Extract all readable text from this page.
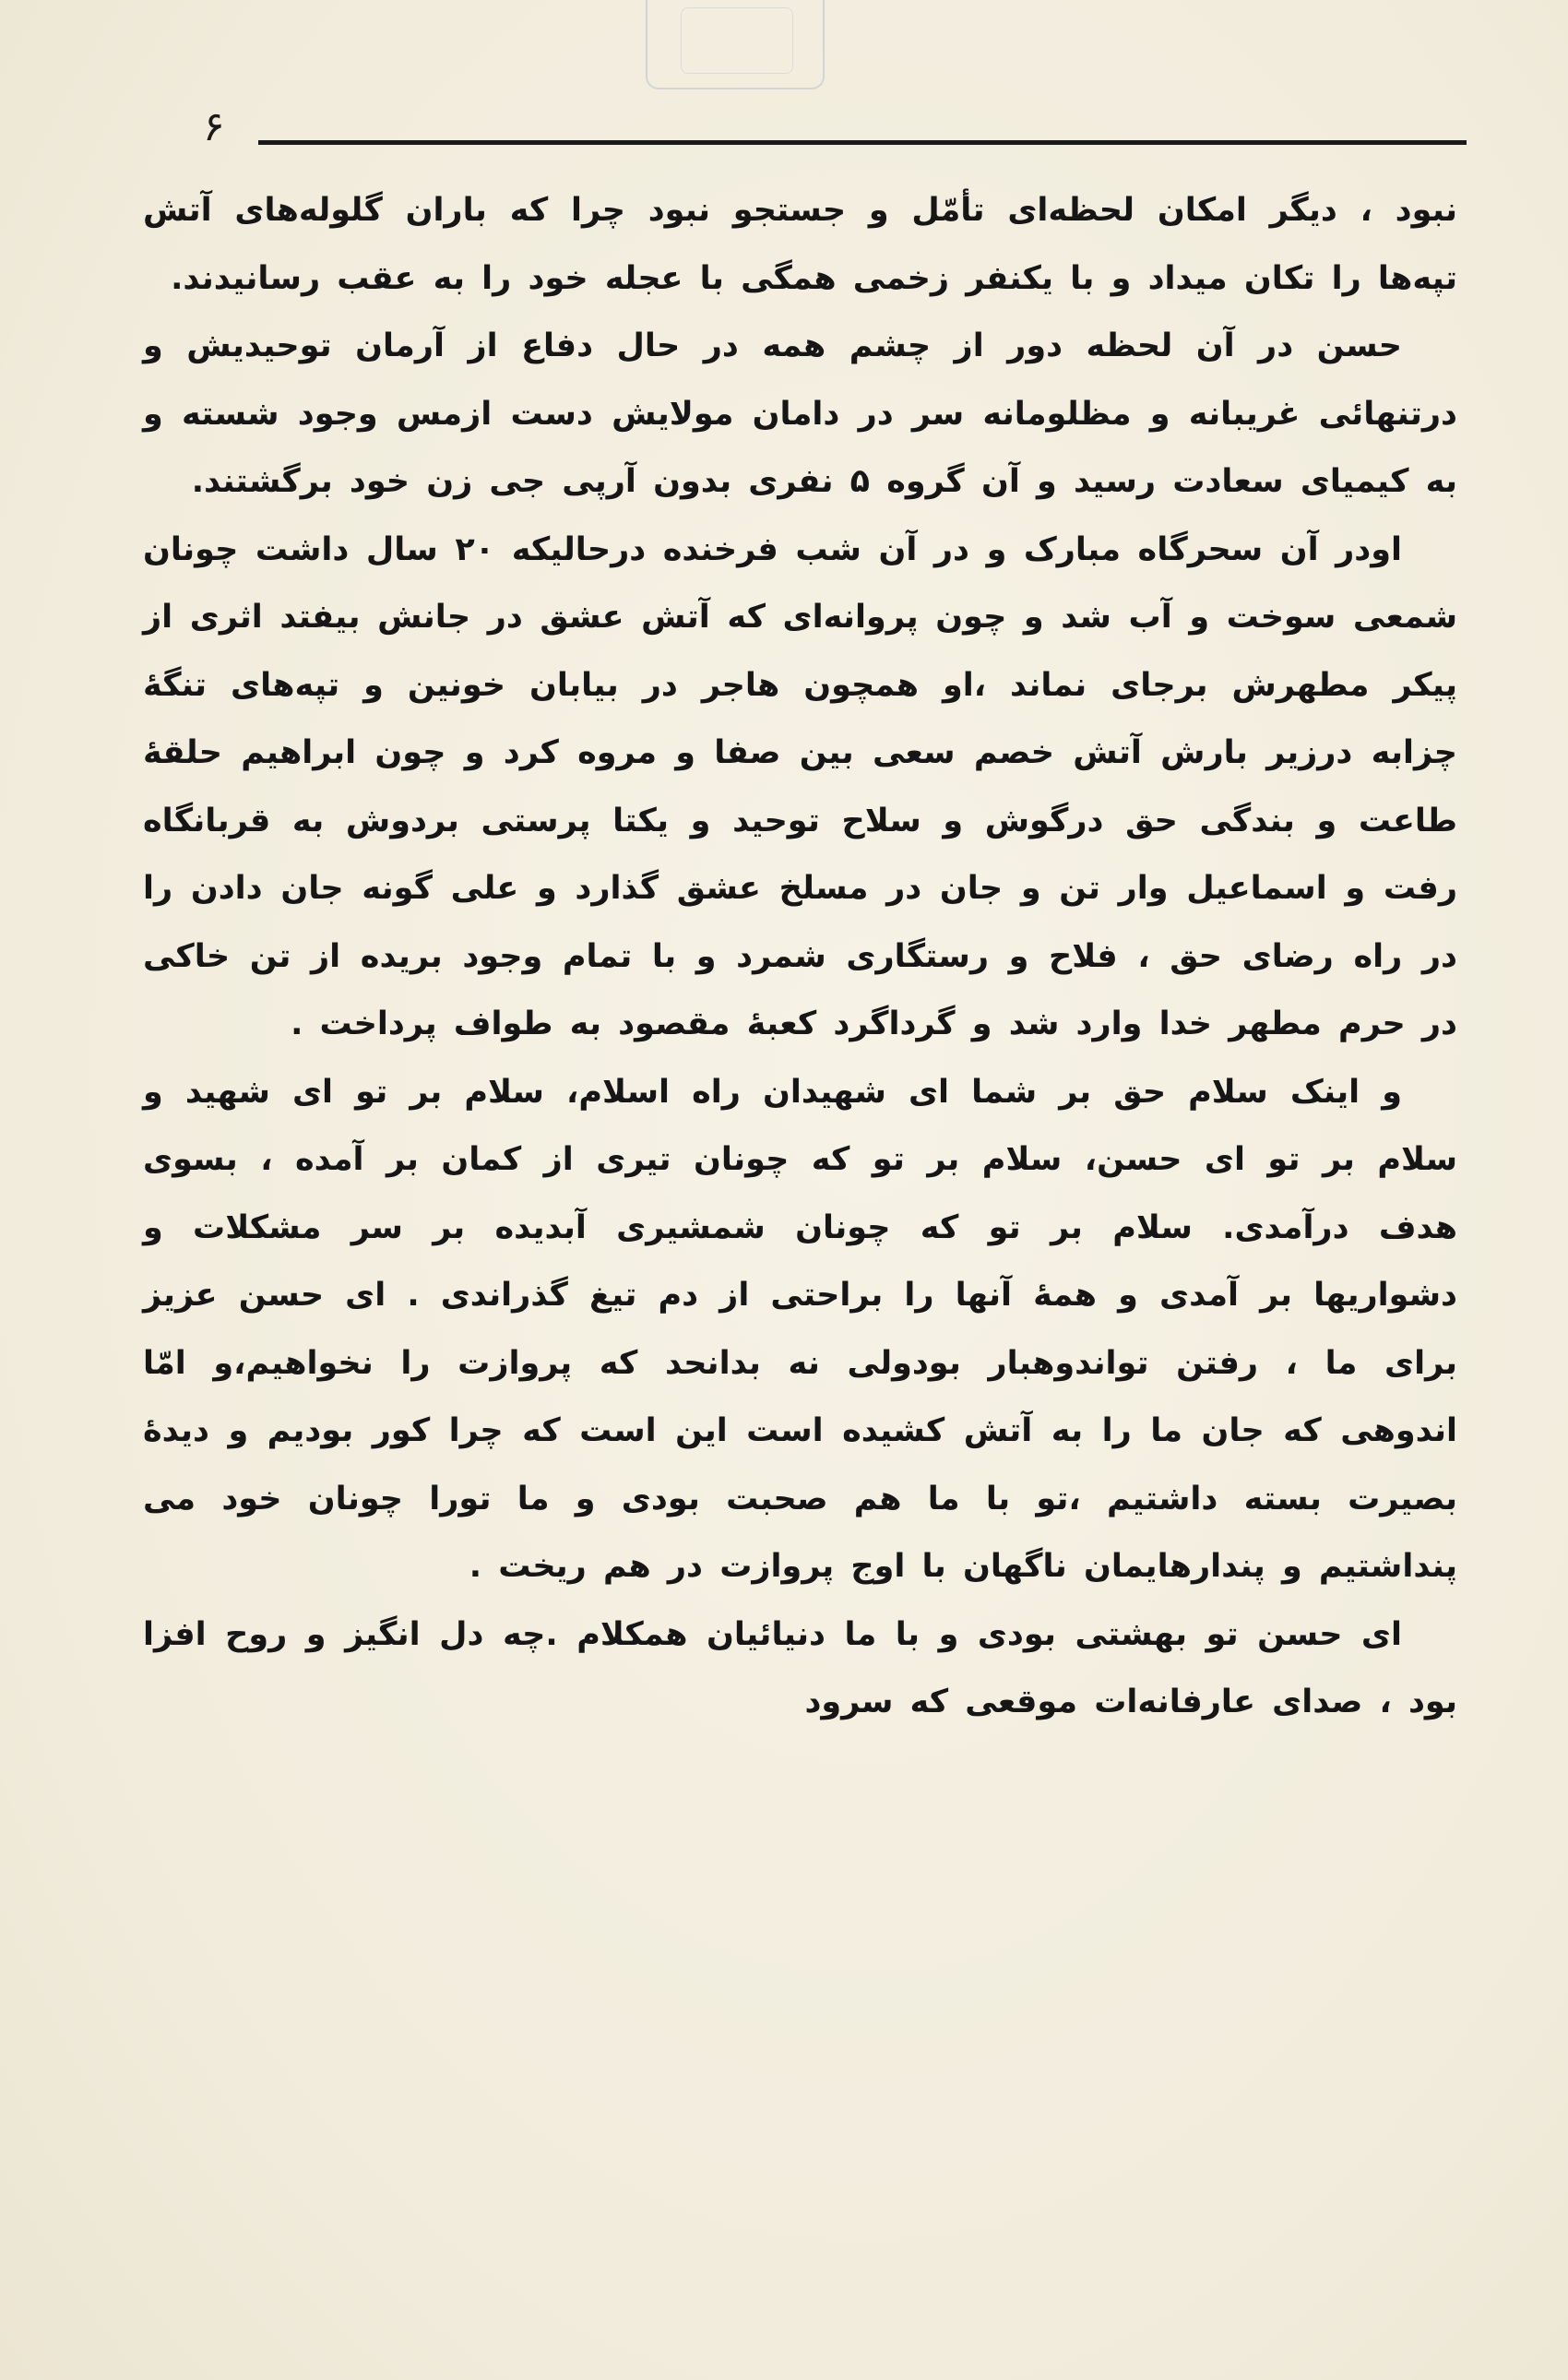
۶

نبود ، دیگر امکان لحظه‌ای تأمّل و جستجو نبود چرا که باران گلوله‌های آتش تپه‌ها را تکان میداد و با یکنفر زخمی همگی با عجله خود را به عقب رسانیدند.

حسن در آن لحظه دور از چشم همه در حال دفاع از آرمان توحیدیش و درتنهائی غریبانه و مظلومانه سر در دامان مولایش دست ازمس وجود شسته و به کیمیای سعادت رسید و آن گروه ۵ نفری بدون آرپی جی زن خود برگشتند.

اودر آن سحرگاه مبارک و در آن شب فرخنده درحالیکه ۲۰ سال داشت چونان شمعی سوخت و آب شد و چون پروانه‌ای که آتش عشق در جانش بیفتد اثری از پیکر مطهرش برجای نماند ،او همچون هاجر در بیابان خونین و تپه‌های تنگهٔ چزابه درزیر بارش آتش خصم سعی بین صفا و مروه کرد و چون ابراهیم حلقهٔ طاعت و بندگی حق درگوش و سلاح توحید و یکتا پرستی بردوش به قربانگاه رفت و اسماعیل وار تن و جان در مسلخ عشق گذارد و علی گونه جان دادن را در راه رضای حق ، فلاح و رستگاری شمرد و با تمام وجود بریده از تن خاکی در حرم مطهر خدا وارد شد و گرداگرد کعبهٔ مقصود به طواف پرداخت .

و اینک سلام حق بر شما ای شهیدان راه اسلام، سلام بر تو ای شهید و سلام بر تو ای حسن، سلام بر تو که چونان تیری از کمان بر آمده ، بسوی هدف درآمدی. سلام بر تو که چونان شمشیری آبدیده بر سر مشکلات و دشواریها بر آمدی و همهٔ آنها را براحتی از دم تیغ گذراندی . ای حسن عزیز برای ما ، رفتن تواندوهبار بودولی نه بدانحد که پروازت را نخواهیم،و امّا اندوهی که جان ما را به آتش کشیده است این است که چرا کور بودیم و دیدهٔ بصیرت بسته داشتیم ،تو با ما هم صحبت بودی و ما تورا چونان خود می پنداشتیم و پندارهایمان ناگهان با اوج پروازت در هم ریخت .

ای حسن تو بهشتی بودی و با ما دنیائیان همکلام .چه دل انگیز و روح افزا بود ، صدای عارفانه‌ات موقعی که سرود
